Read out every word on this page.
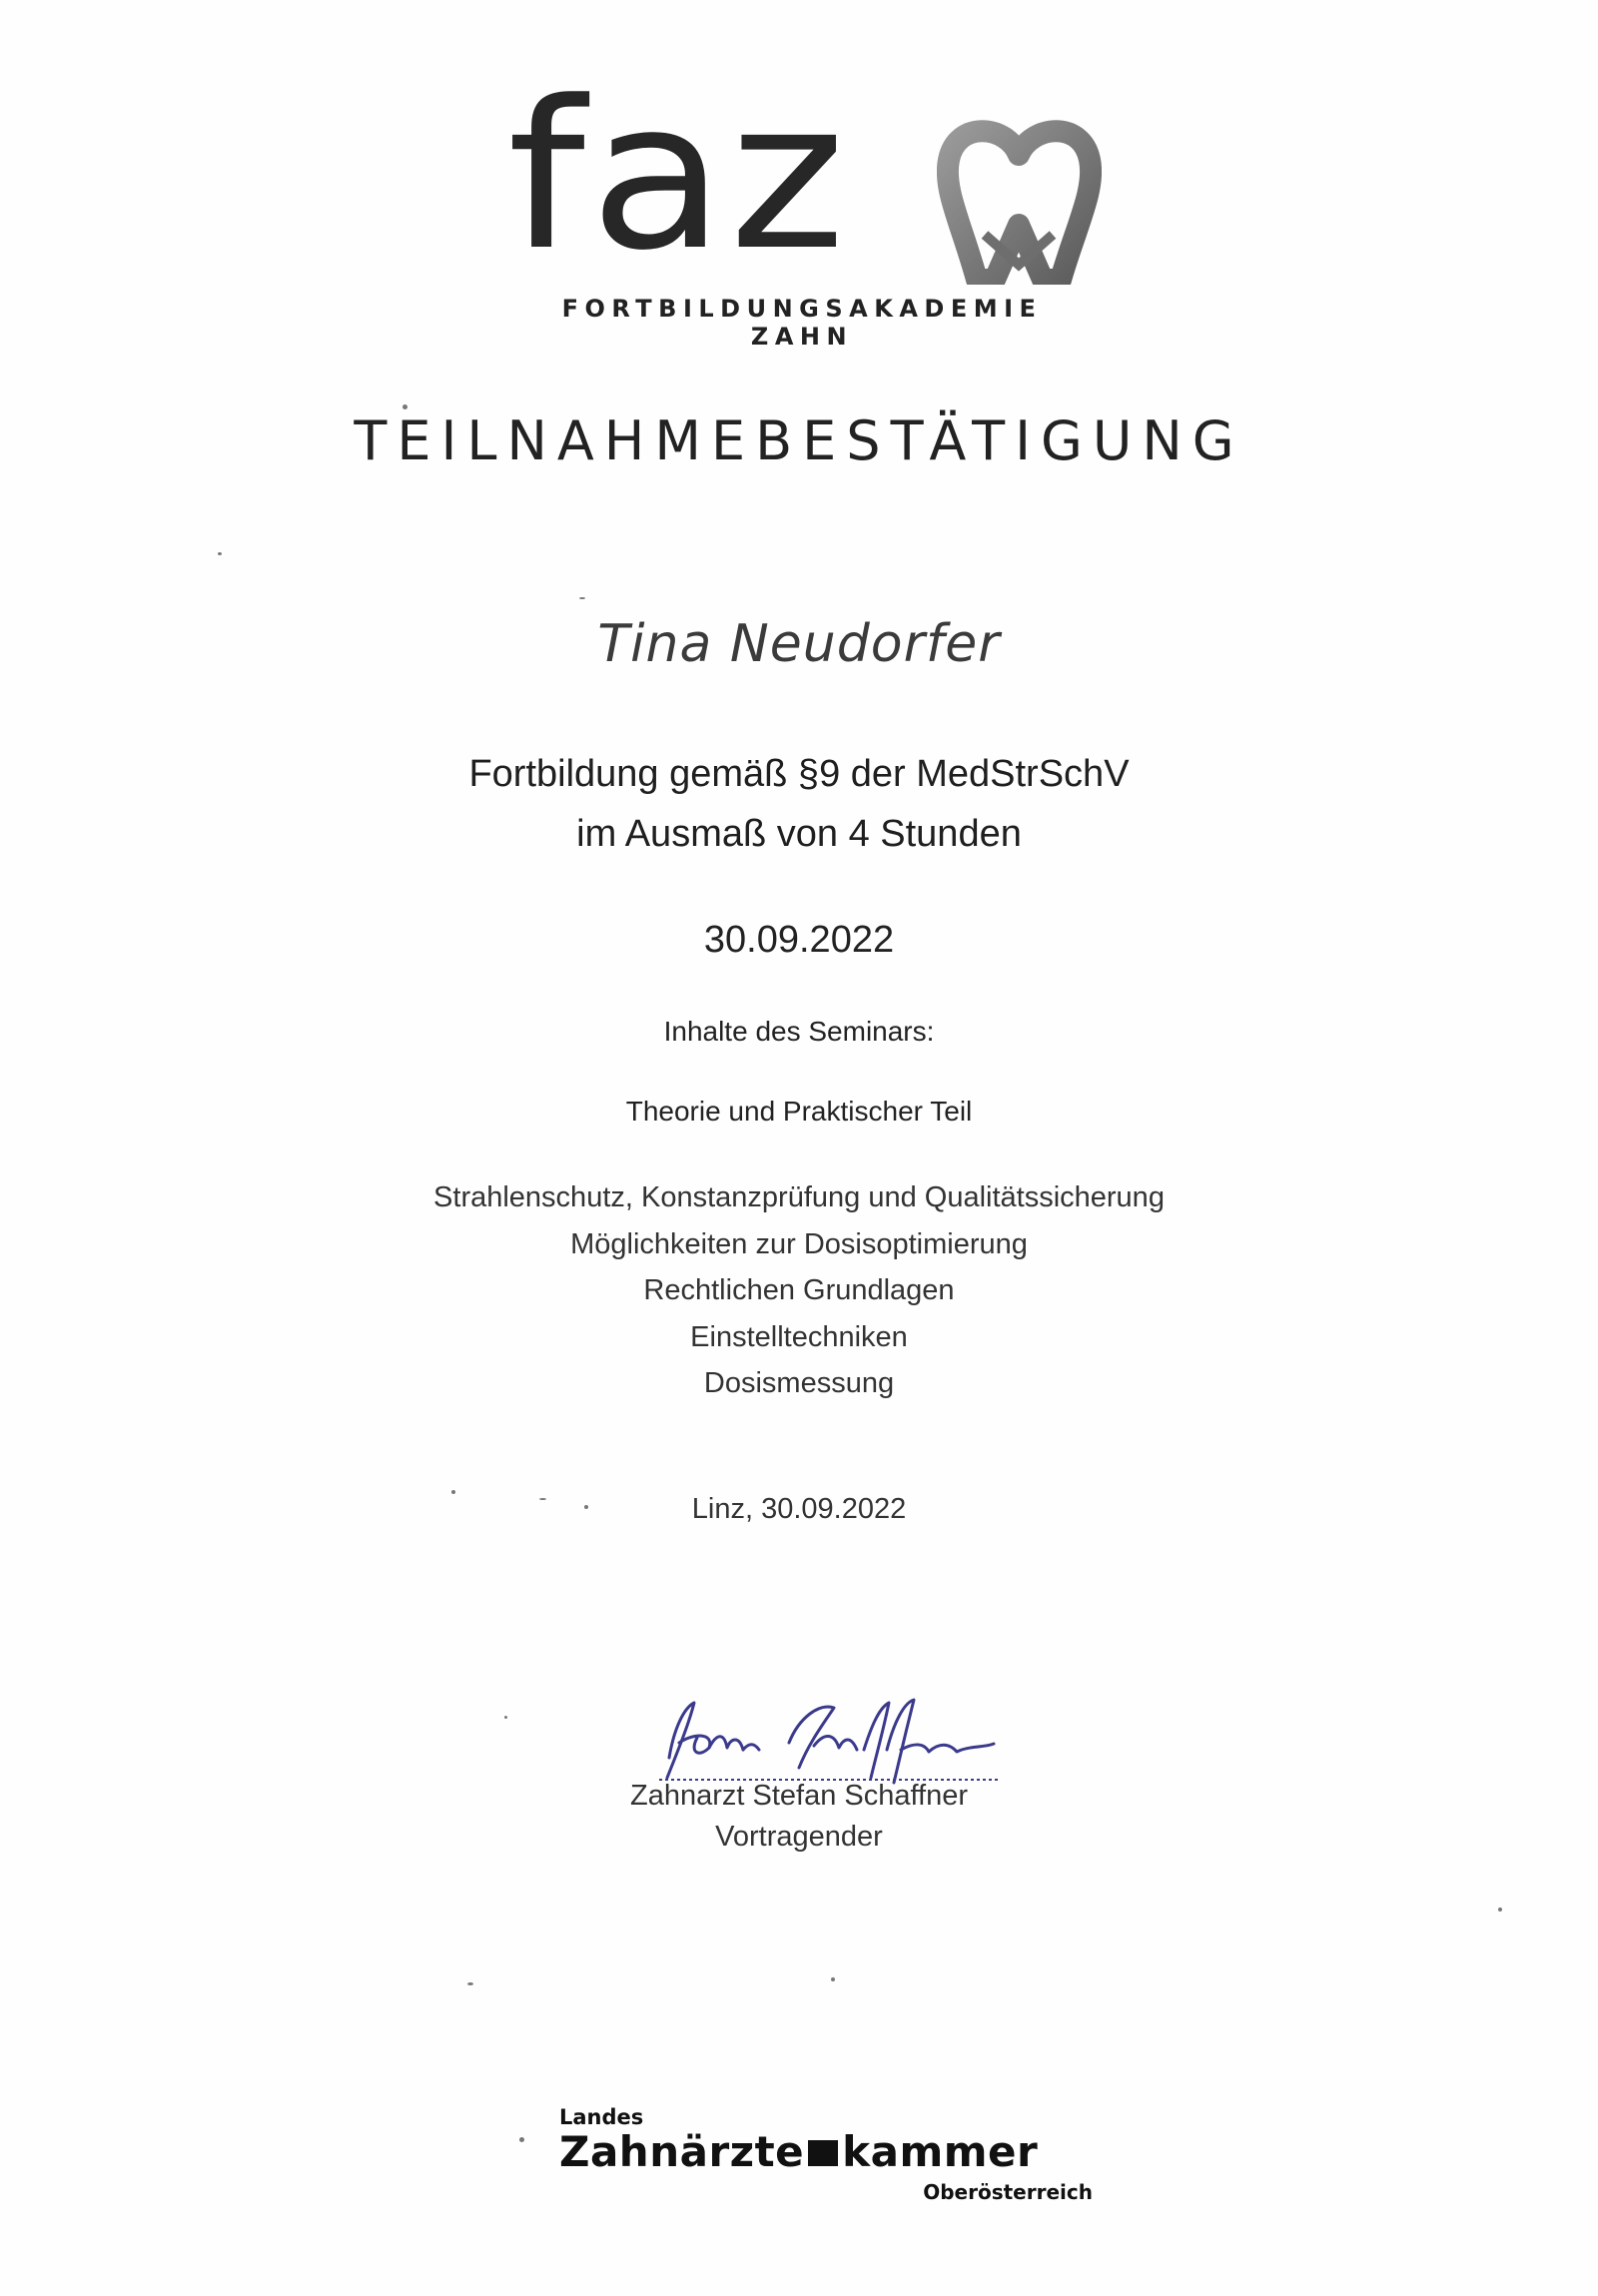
faz
FORTBILDUNGSAKADEMIE ZAHN
TEILNAHMEBESTÄTIGUNG
Tina Neudorfer
Fortbildung gemäß §9 der MedStrSchV
im Ausmaß von 4 Stunden
30.09.2022
Inhalte des Seminars:
Theorie und Praktischer Teil
Strahlenschutz, Konstanzprüfung und Qualitätssicherung
Möglichkeiten zur Dosisoptimierung
Rechtlichen Grundlagen
Einstelltechniken
Dosismessung
Linz, 30.09.2022
Zahnarzt Stefan Schaffner
Vortragender
Landes
Zahnärzte kammer
Oberösterreich
